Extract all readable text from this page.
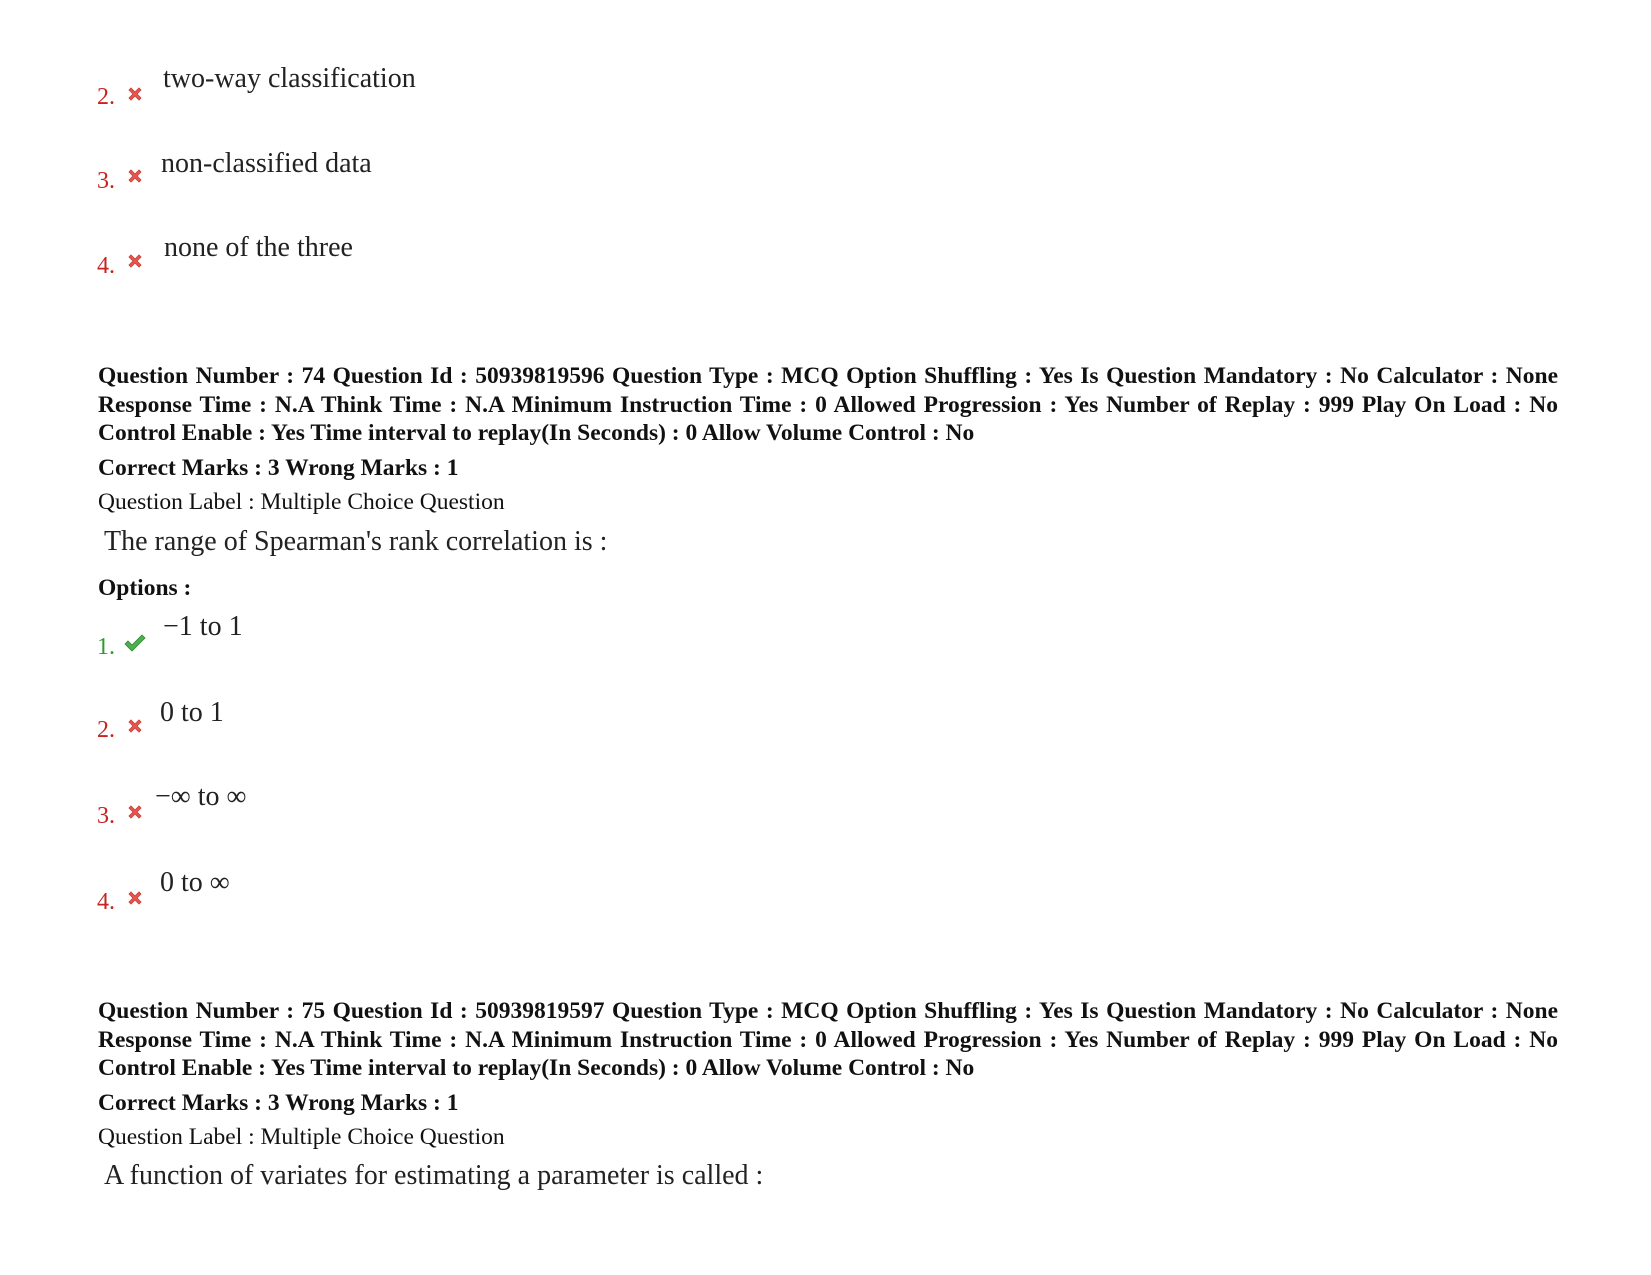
2.
two-way classification
3.
non-classified data
4.
none of the three
Question Number : 74 Question Id : 50939819596 Question Type : MCQ Option Shuffling : Yes Is Question Mandatory : No Calculator : None Response Time : N.A Think Time : N.A Minimum Instruction Time : 0 Allowed Progression : Yes Number of Replay : 999 Play On Load : No Control Enable : Yes Time interval to replay(In Seconds) : 0 Allow Volume Control : No
Correct Marks : 3 Wrong Marks : 1
Question Label : Multiple Choice Question
The range of Spearman's rank correlation is :
Options :
1.
−1 to 1
2.
0 to 1
3.
−∞ to ∞
4.
0 to ∞
Question Number : 75 Question Id : 50939819597 Question Type : MCQ Option Shuffling : Yes Is Question Mandatory : No Calculator : None Response Time : N.A Think Time : N.A Minimum Instruction Time : 0 Allowed Progression : Yes Number of Replay : 999 Play On Load : No Control Enable : Yes Time interval to replay(In Seconds) : 0 Allow Volume Control : No
Correct Marks : 3 Wrong Marks : 1
Question Label : Multiple Choice Question
A function of variates for estimating a parameter is called :
